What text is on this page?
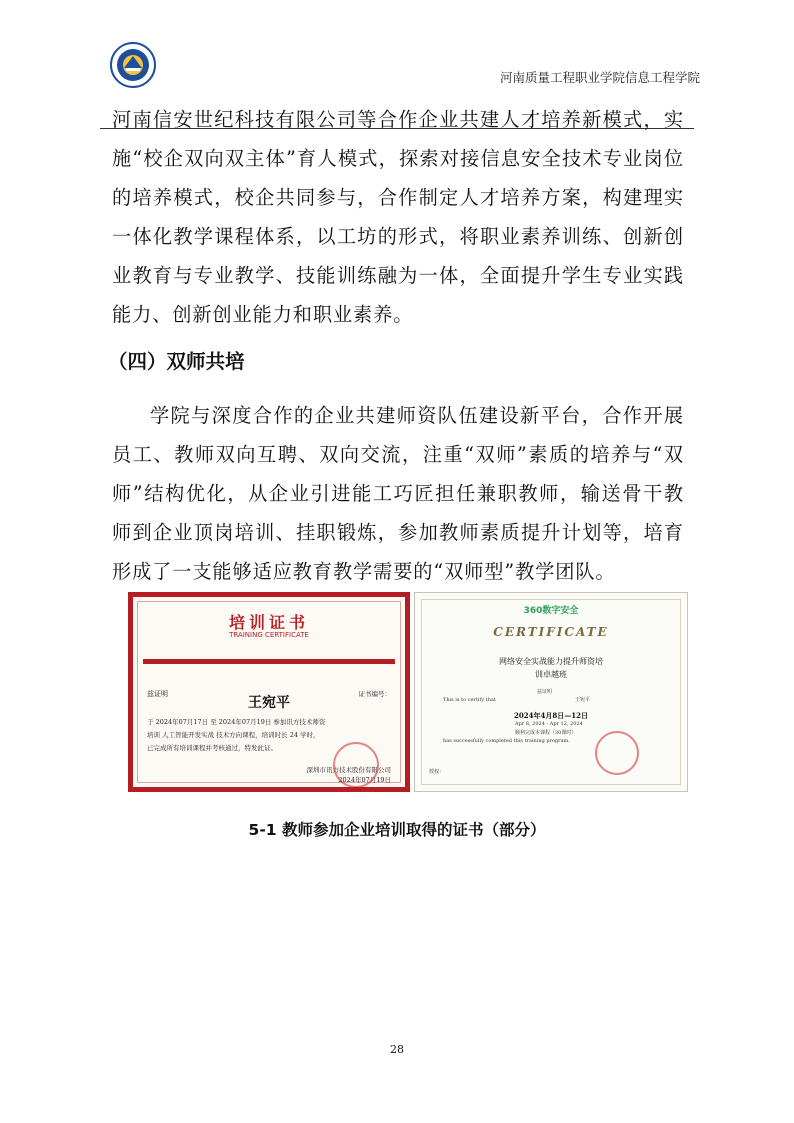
河南质量工程职业学院信息工程学院
河南信安世纪科技有限公司等合作企业共建人才培养新模式，实施“校企双向双主体”育人模式，探索对接信息安全技术专业岗位的培养模式，校企共同参与，合作制定人才培养方案，构建理实一体化教学课程体系，以工坊的形式，将职业素养训练、创新创业教育与专业教学、技能训练融为一体，全面提升学生专业实践能力、创新创业能力和职业素养。
（四）双师共培
学院与深度合作的企业共建师资队伍建设新平台，合作开展员工、教师双向互聘、双向交流，注重“双师”素质的培养与“双师”结构优化，从企业引进能工巧匠担任兼职教师，输送骨干教师到企业顶岗培训、挂职锻炼，参加教师素质提升计划等，培育形成了一支能够适应教育教学需要的“双师型”教学团队。
培训证书
TRAINING CERTIFICATE
兹证明	证书编号：
王宛平
于 2024年07月17日 至 2024年07月19日 参加讯方技术师资
培训 人工智能开发实战 技术方向课程，培训时长 24 学时，
已完成所有培训课程并考核通过，特发此证。
深圳市讯方技术股份有限公司
2024年07月19日
360数字安全
CERTIFICATE
网络安全实战能力提升师资培
训卓越班
兹证明
This is to certify that	王宛平
2024年4月8日—12日
Apr 8, 2024 - Apr 12, 2024
顺利完成本课程（30课时）
has successfully completed this training program.
授权：
5-1 教师参加企业培训取得的证书（部分）
28
